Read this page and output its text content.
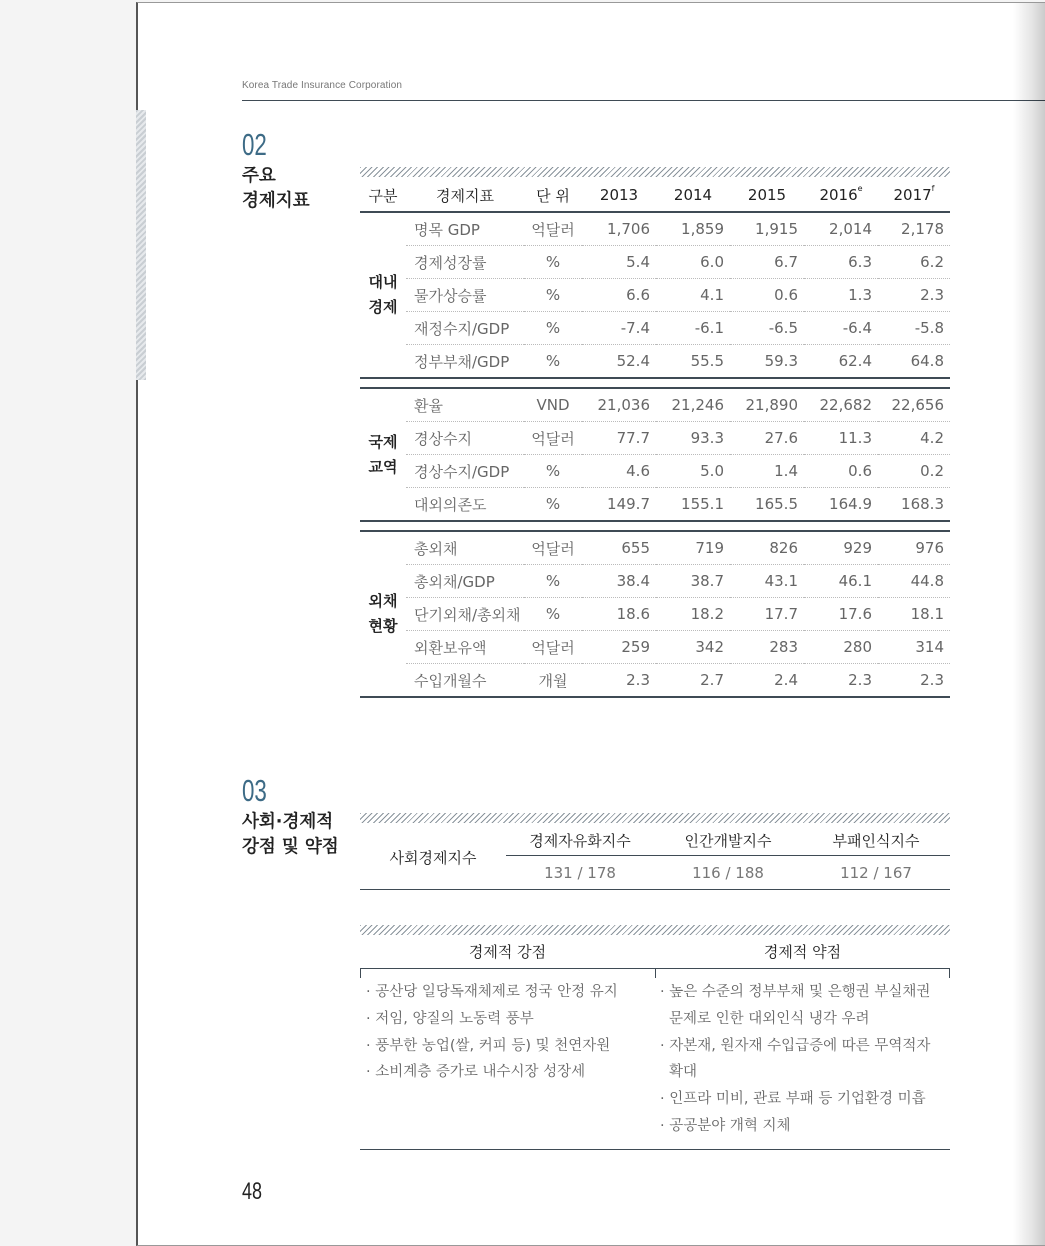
Korea Trade Insurance Corporation
02
주요
경제지표	구분	경제지표	단 위	2013	2014	2015	2016e	2017$^f$

대내
경제	명목 GDP	억달러	1,706	1,859	1,915	2,014	2,178
	경제성장률	%	5.4	6.0	6.7	6.3	6.2
	물가상승률	%	6.6	4.1	0.6	1.3	2.3
	재정수지/GDP	%	-7.4	-6.1	-6.5	-6.4	-5.8
	정부부채/GDP	%	52.4	55.5	59.3	62.4	64.8

국제
교역	환율	VND	21,036	21,246	21,890	22,682	22,656
	경상수지	억달러	77.7	93.3	27.6	11.3	4.2
	경상수지/GDP	%	4.6	5.0	1.4	0.6	0.2
	대외의존도	%	149.7	155.1	165.5	164.9	168.3

외채
현황	총외채	억달러	655	719	826	929	976
	총외채/GDP	%	38.4	38.7	43.1	46.1	44.8
	단기외채/총외채	%	18.6	18.2	17.7	17.6	18.1
	외환보유액	억달러	259	342	283	280	314
	수입개월수	개월	2.3	2.7	2.4	2.3	2.3
03
사회·경제적
강점 및 약점
사회경제지수	경제자유화지수	인간개발지수	부패인식지수
	131 / 178	116 / 188	112 / 167
경제적 강점	경제적 약점
· 공산당 일당독재체제로 정국 안정 유지
· 저임, 양질의 노동력 풍부
· 풍부한 농업(쌀, 커피 등) 및 천연자원
· 소비계층 증가로 내수시장 성장세
· 높은 수준의 정부부채 및 은행권 부실채권
문제로 인한 대외인식 냉각 우려
· 자본재, 원자재 수입급증에 따른 무역적자
확대
· 인프라 미비, 관료 부패 등 기업환경 미흡
· 공공분야 개혁 지체
48
